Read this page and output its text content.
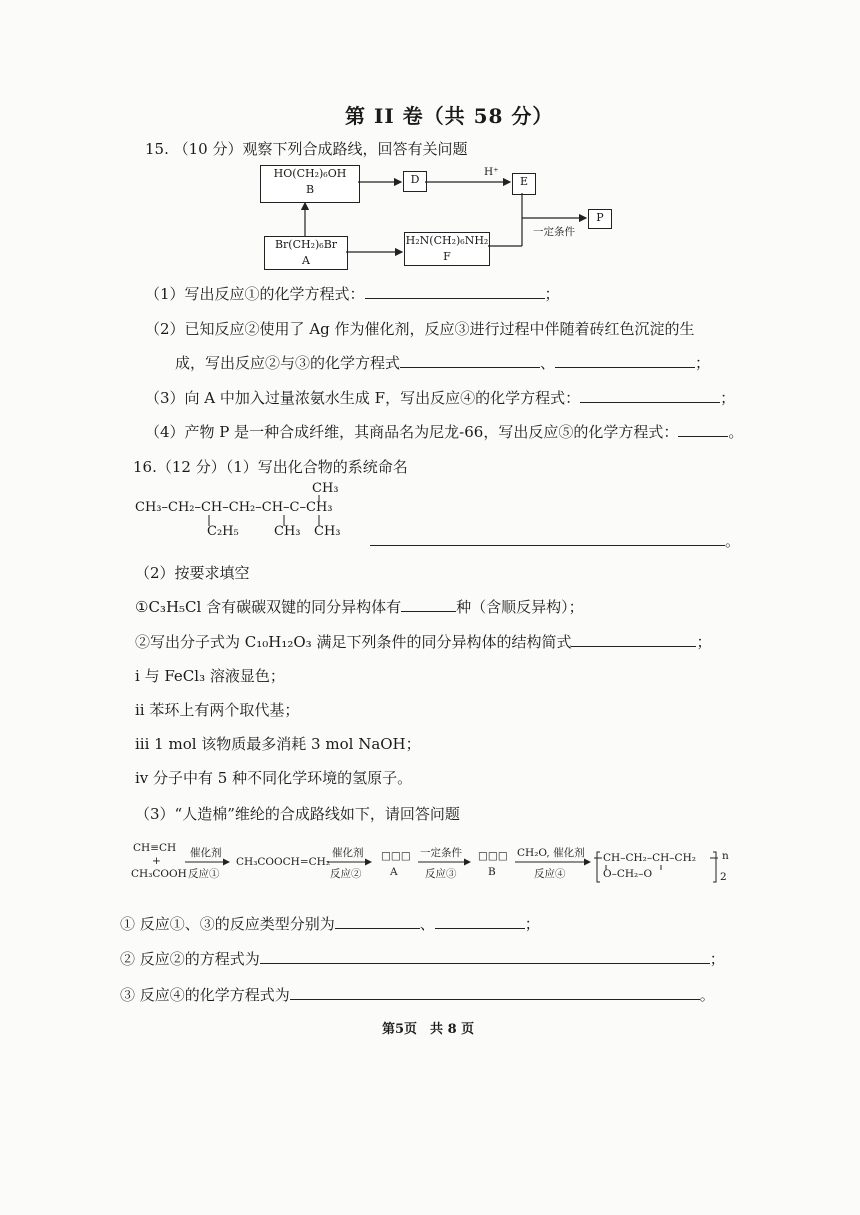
第 II 卷（共 58 分）
15. （10 分）观察下列合成路线，回答有关问题
HO(CH₂)₆OH
B
D
H⁺
E
P
一定条件
Br(CH₂)₆Br
A
H₂N(CH₂)₆NH₂
F
（1）写出反应①的化学方程式：	；
（2）已知反应②使用了 Ag 作为催化剂，反应③进行过程中伴随着砖红色沉淀的生
成，写出反应②与③的化学方程式	、	；
（3）向 A 中加入过量浓氨水生成 F，写出反应④的化学方程式：	；
（4）产物 P 是一种合成纤维，其商品名为尼龙-66，写出反应⑤的化学方程式：	。
16.（12 分）（1）写出化合物的系统命名
CH₃
CH₃–CH₂–CH–CH₂–CH–C–CH₃
C₂H₅	CH₃ CH₃
。
（2）按要求填空
①C₃H₅Cl 含有碳碳双键的同分异构体有	种（含顺反异构）；
②写出分子式为 C₁₀H₁₂O₃ 满足下列条件的同分异构体的结构简式	；
i 与 FeCl₃ 溶液显色；
ii 苯环上有两个取代基；
iii 1 mol 该物质最多消耗 3 mol NaOH；
iv 分子中有 5 种不同化学环境的氢原子。
（3）“人造棉”维纶的合成路线如下，请回答问题
CH≡CH
+
CH₃COOH
催化剂
反应①
CH₃COOCH=CH₂
催化剂
反应②
□□□
A
一定条件
反应③
□□□
B
CH₂O, 催化剂
反应④
CH–CH₂–CH–CH₂
O–CH₂–O
n
2
① 反应①、③的反应类型分别为	、	；
② 反应②的方程式为	；
③ 反应④的化学方程式为	。
第5页　共 8 页
